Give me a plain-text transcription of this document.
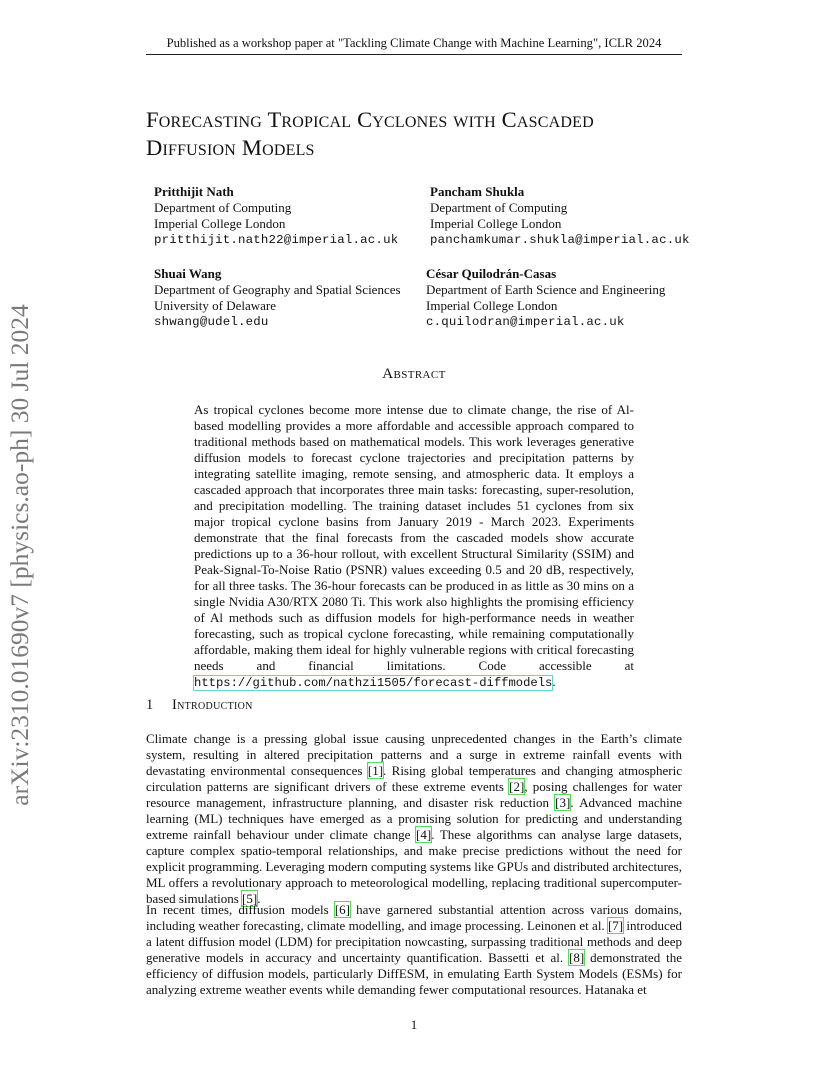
Published as a workshop paper at "Tackling Climate Change with Machine Learning", ICLR 2024
Forecasting Tropical Cyclones with Cascaded
Diffusion Models
Pritthijit Nath
Department of Computing
Imperial College London
pritthijit.nath22@imperial.ac.uk
Pancham Shukla
Department of Computing
Imperial College London
panchamkumar.shukla@imperial.ac.uk
Shuai Wang
Department of Geography and Spatial Sciences
University of Delaware
shwang@udel.edu
César Quilodrán-Casas
Department of Earth Science and Engineering
Imperial College London
c.quilodran@imperial.ac.uk
arXiv:2310.01690v7 [physics.ao-ph] 30 Jul 2024	Abstract
As tropical cyclones become more intense due to climate change, the rise of Al-based modelling provides a more affordable and accessible approach compared to traditional methods based on mathematical models. This work leverages generative diffusion models to forecast cyclone trajectories and precipitation patterns by integrating satellite imaging, remote sensing, and atmospheric data. It employs a cascaded approach that incorporates three main tasks: forecasting, super-resolution, and precipitation modelling. The training dataset includes 51 cyclones from six major tropical cyclone basins from January 2019 - March 2023. Experiments demonstrate that the final forecasts from the cascaded models show accurate predictions up to a 36-hour rollout, with excellent Structural Similarity (SSIM) and Peak-Signal-To-Noise Ratio (PSNR) values exceeding 0.5 and 20 dB, respectively, for all three tasks. The 36-hour forecasts can be produced in as little as 30 mins on a single Nvidia A30/RTX 2080 Ti. This work also highlights the promising efficiency of Al methods such as diffusion models for high-performance needs in weather forecasting, such as tropical cyclone forecasting, while remaining computationally affordable, making them ideal for highly vulnerable regions with critical forecasting needs and financial limitations. Code accessible at https://github.com/nathzi1505/forecast-diffmodels.
1 Introduction
Climate change is a pressing global issue causing unprecedented changes in the Earth’s climate system, resulting in altered precipitation patterns and a surge in extreme rainfall events with devastating environmental consequences [1]. Rising global temperatures and changing atmospheric circulation patterns are significant drivers of these extreme events [2], posing challenges for water resource management, infrastructure planning, and disaster risk reduction [3]. Advanced machine learning (ML) techniques have emerged as a promising solution for predicting and understanding extreme rainfall behaviour under climate change [4]. These algorithms can analyse large datasets, capture complex spatio-temporal relationships, and make precise predictions without the need for explicit programming. Leveraging modern computing systems like GPUs and distributed architectures, ML offers a revolutionary approach to meteorological modelling, replacing traditional supercomputer-based simulations [5].
In recent times, diffusion models [6] have garnered substantial attention across various domains, including weather forecasting, climate modelling, and image processing. Leinonen et al. [7] introduced a latent diffusion model (LDM) for precipitation nowcasting, surpassing traditional methods and deep generative models in accuracy and uncertainty quantification. Bassetti et al. [8] demonstrated the efficiency of diffusion models, particularly DiffESM, in emulating Earth System Models (ESMs) for analyzing extreme weather events while demanding fewer computational resources. Hatanaka et
1
